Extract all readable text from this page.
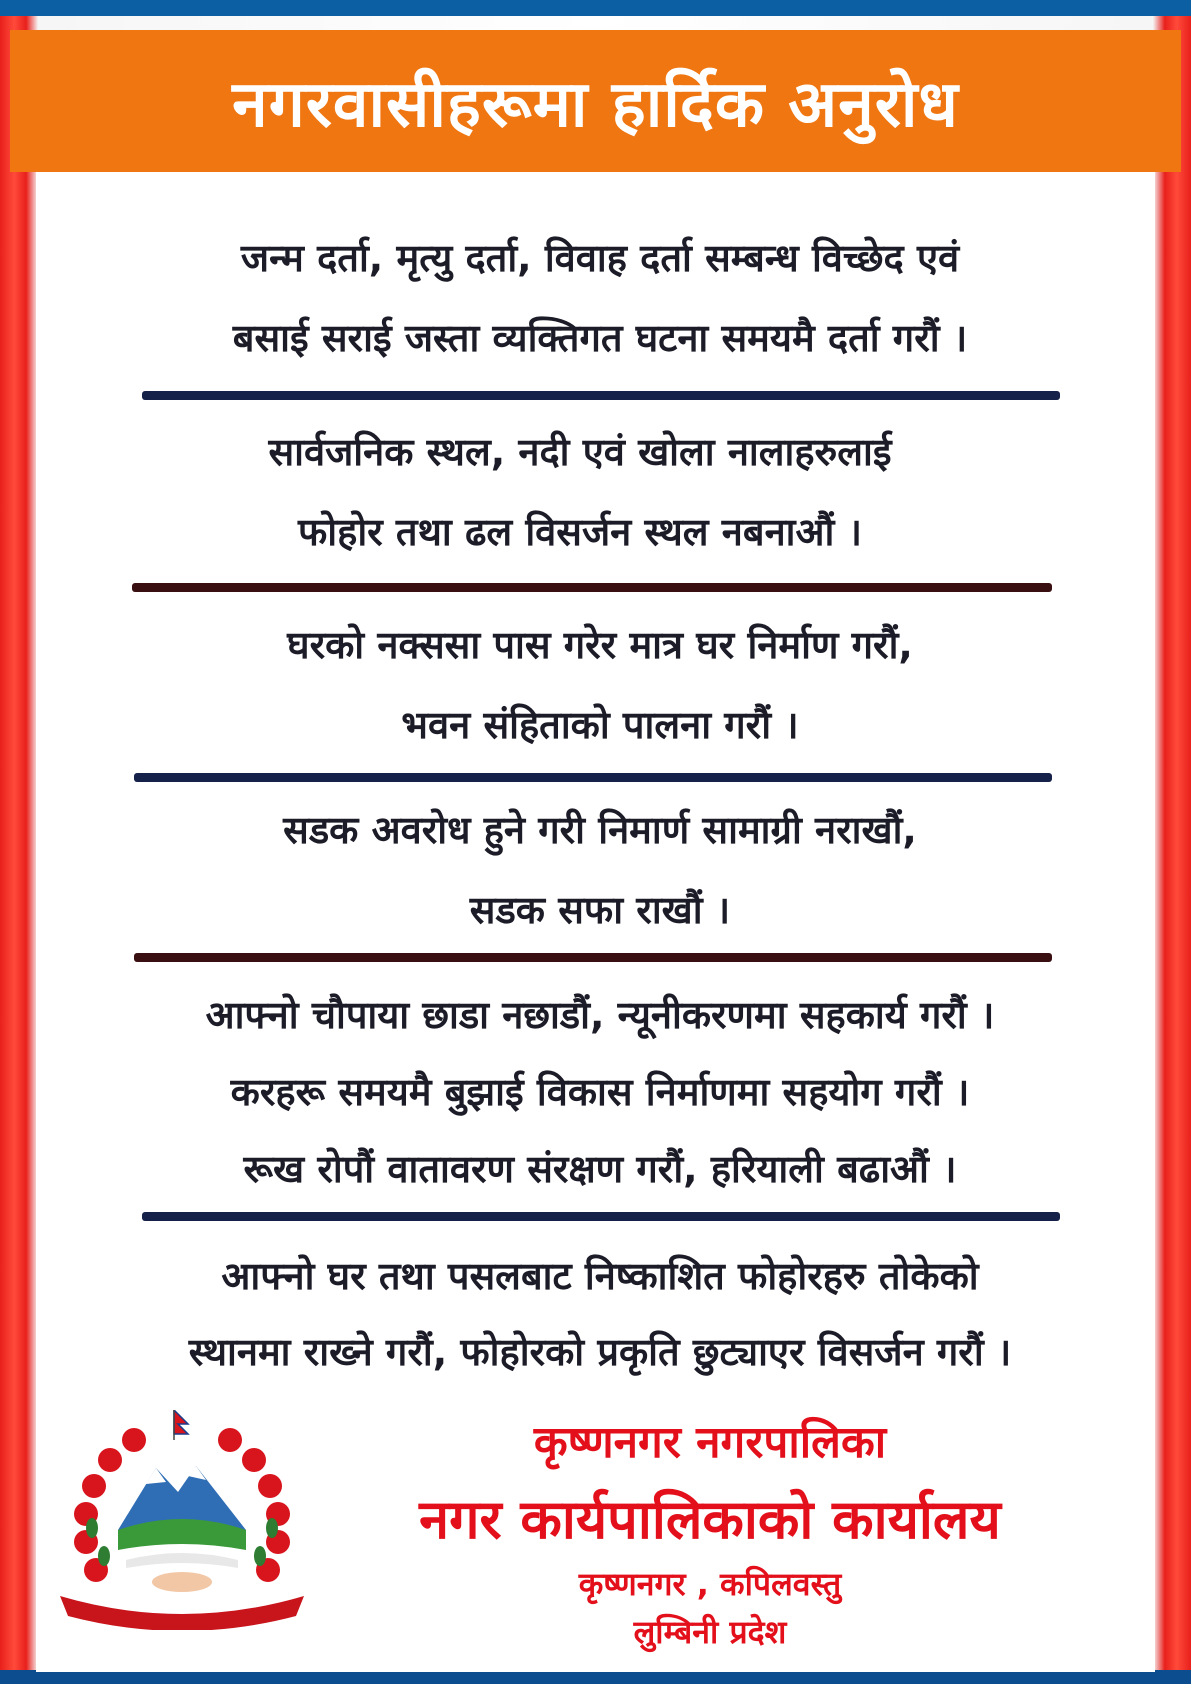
नगरवासीहरूमा हार्दिक अनुरोध

जन्म दर्ता, मृत्यु दर्ता, विवाह दर्ता सम्बन्ध विच्छेद एवं

बसाई सराई जस्ता व्यक्तिगत घटना समयमै दर्ता गरौं ।

सार्वजनिक स्थल, नदी एवं खोला नालाहरुलाई

फोहोर तथा ढल विसर्जन स्थल नबनाऔं ।

घरको नक्ससा पास गरेर मात्र घर निर्माण गरौं,

भवन संहिताको पालना गरौं ।

सडक अवरोध हुने गरी निमार्ण सामाग्री नराखौं,

सडक सफा राखौं ।

आफ्नो चौपाया छाडा नछाडौं, न्यूनीकरणमा सहकार्य गरौं ।

करहरू समयमै बुझाई विकास निर्माणमा सहयोग गरौं ।

रूख रोपौं वातावरण संरक्षण गरौं, हरियाली बढाऔं ।

आफ्नो घर तथा पसलबाट निष्काशित फोहोरहरु तोकेको

स्थानमा राख्ने गरौं, फोहोरको प्रकृति छुट्याएर विसर्जन गरौं ।

कृष्णनगर नगरपालिका
नगर कार्यपालिकाको कार्यालय
कृष्णनगर , कपिलवस्तु
लुम्बिनी प्रदेश
